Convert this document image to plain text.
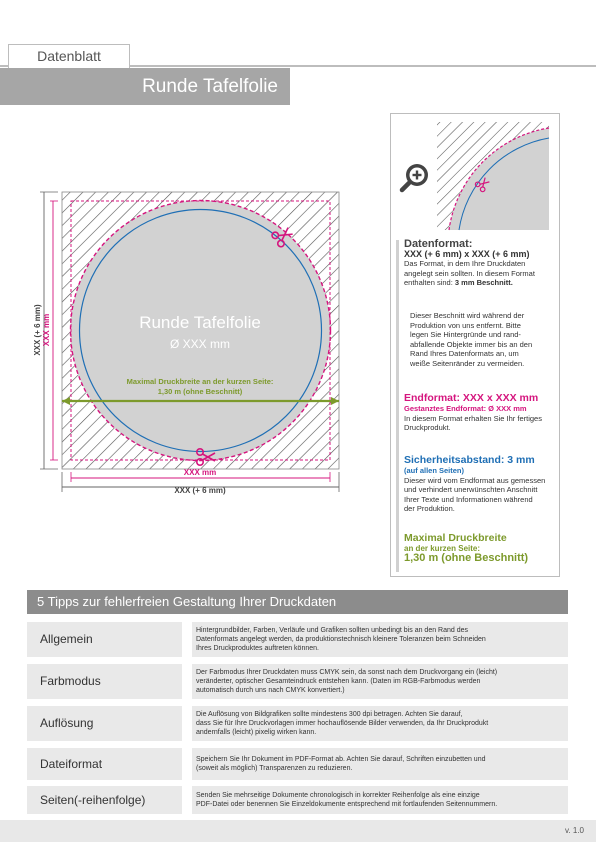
Datenblatt
Runde Tafelfolie
Runde Tafelfolie
Ø XXX mm
Maximal Druckbreite an der kurzen Seite:
1,30 m (ohne Beschnitt)
XXX mm
XXX (+ 6 mm)
XXX (+ 6 mm) XXX mm
Datenformat:
XXX (+ 6 mm) x XXX (+ 6 mm)
Das Format, in dem Ihre Druckdaten
angelegt sein sollten. In diesem Format
enthalten sind: 3 mm Beschnitt.
Dieser Beschnitt wird während der
Produktion von uns entfernt. Bitte
legen Sie Hintergründe und rand-
abfallende Objekte immer bis an den
Rand Ihres Datenformats an, um
weiße Seitenränder zu vermeiden.
Endformat: XXX x XXX mm
Gestanztes Endformat: Ø XXX mm
In diesem Format erhalten Sie Ihr fertiges
Druckprodukt.
Sicherheitsabstand: 3 mm
(auf allen Seiten)
Dieser wird vom Endformat aus gemessen
und verhindert unerwünschten Anschnitt
Ihrer Texte und Informationen während
der Produktion.
Maximal Druckbreite
an der kurzen Seite:
1,30 m (ohne Beschnitt)
5 Tipps zur fehlerfreien Gestaltung Ihrer Druckdaten
Allgemein
Hintergrundbilder, Farben, Verläufe und Grafiken sollten unbedingt bis an den Rand des
Datenformats angelegt werden, da produktionstechnisch kleinere Toleranzen beim Schneiden
Ihres Druckproduktes auftreten können.
Farbmodus
Der Farbmodus Ihrer Druckdaten muss CMYK sein, da sonst nach dem Druckvorgang ein (leicht)
veränderter, optischer Gesamteindruck entstehen kann. (Daten im RGB-Farbmodus werden
automatisch durch uns nach CMYK konvertiert.)
Auflösung
Die Auflösung von Bildgrafiken sollte mindestens 300 dpi betragen. Achten Sie darauf,
dass Sie für Ihre Druckvorlagen immer hochauflösende Bilder verwenden, da Ihr Druckprodukt
andernfalls (leicht) pixelig wirken kann.
Dateiformat	Speichern Sie Ihr Dokument im PDF-Format ab. Achten Sie darauf, Schriften einzubetten und
(soweit als möglich) Transparenzen zu reduzieren.
Seiten(-reihenfolge)	Senden Sie mehrseitige Dokumente chronologisch in korrekter Reihenfolge als eine einzige
PDF-Datei oder benennen Sie Einzeldokumente entsprechend mit fortlaufenden Seitennummern.
v. 1.0
